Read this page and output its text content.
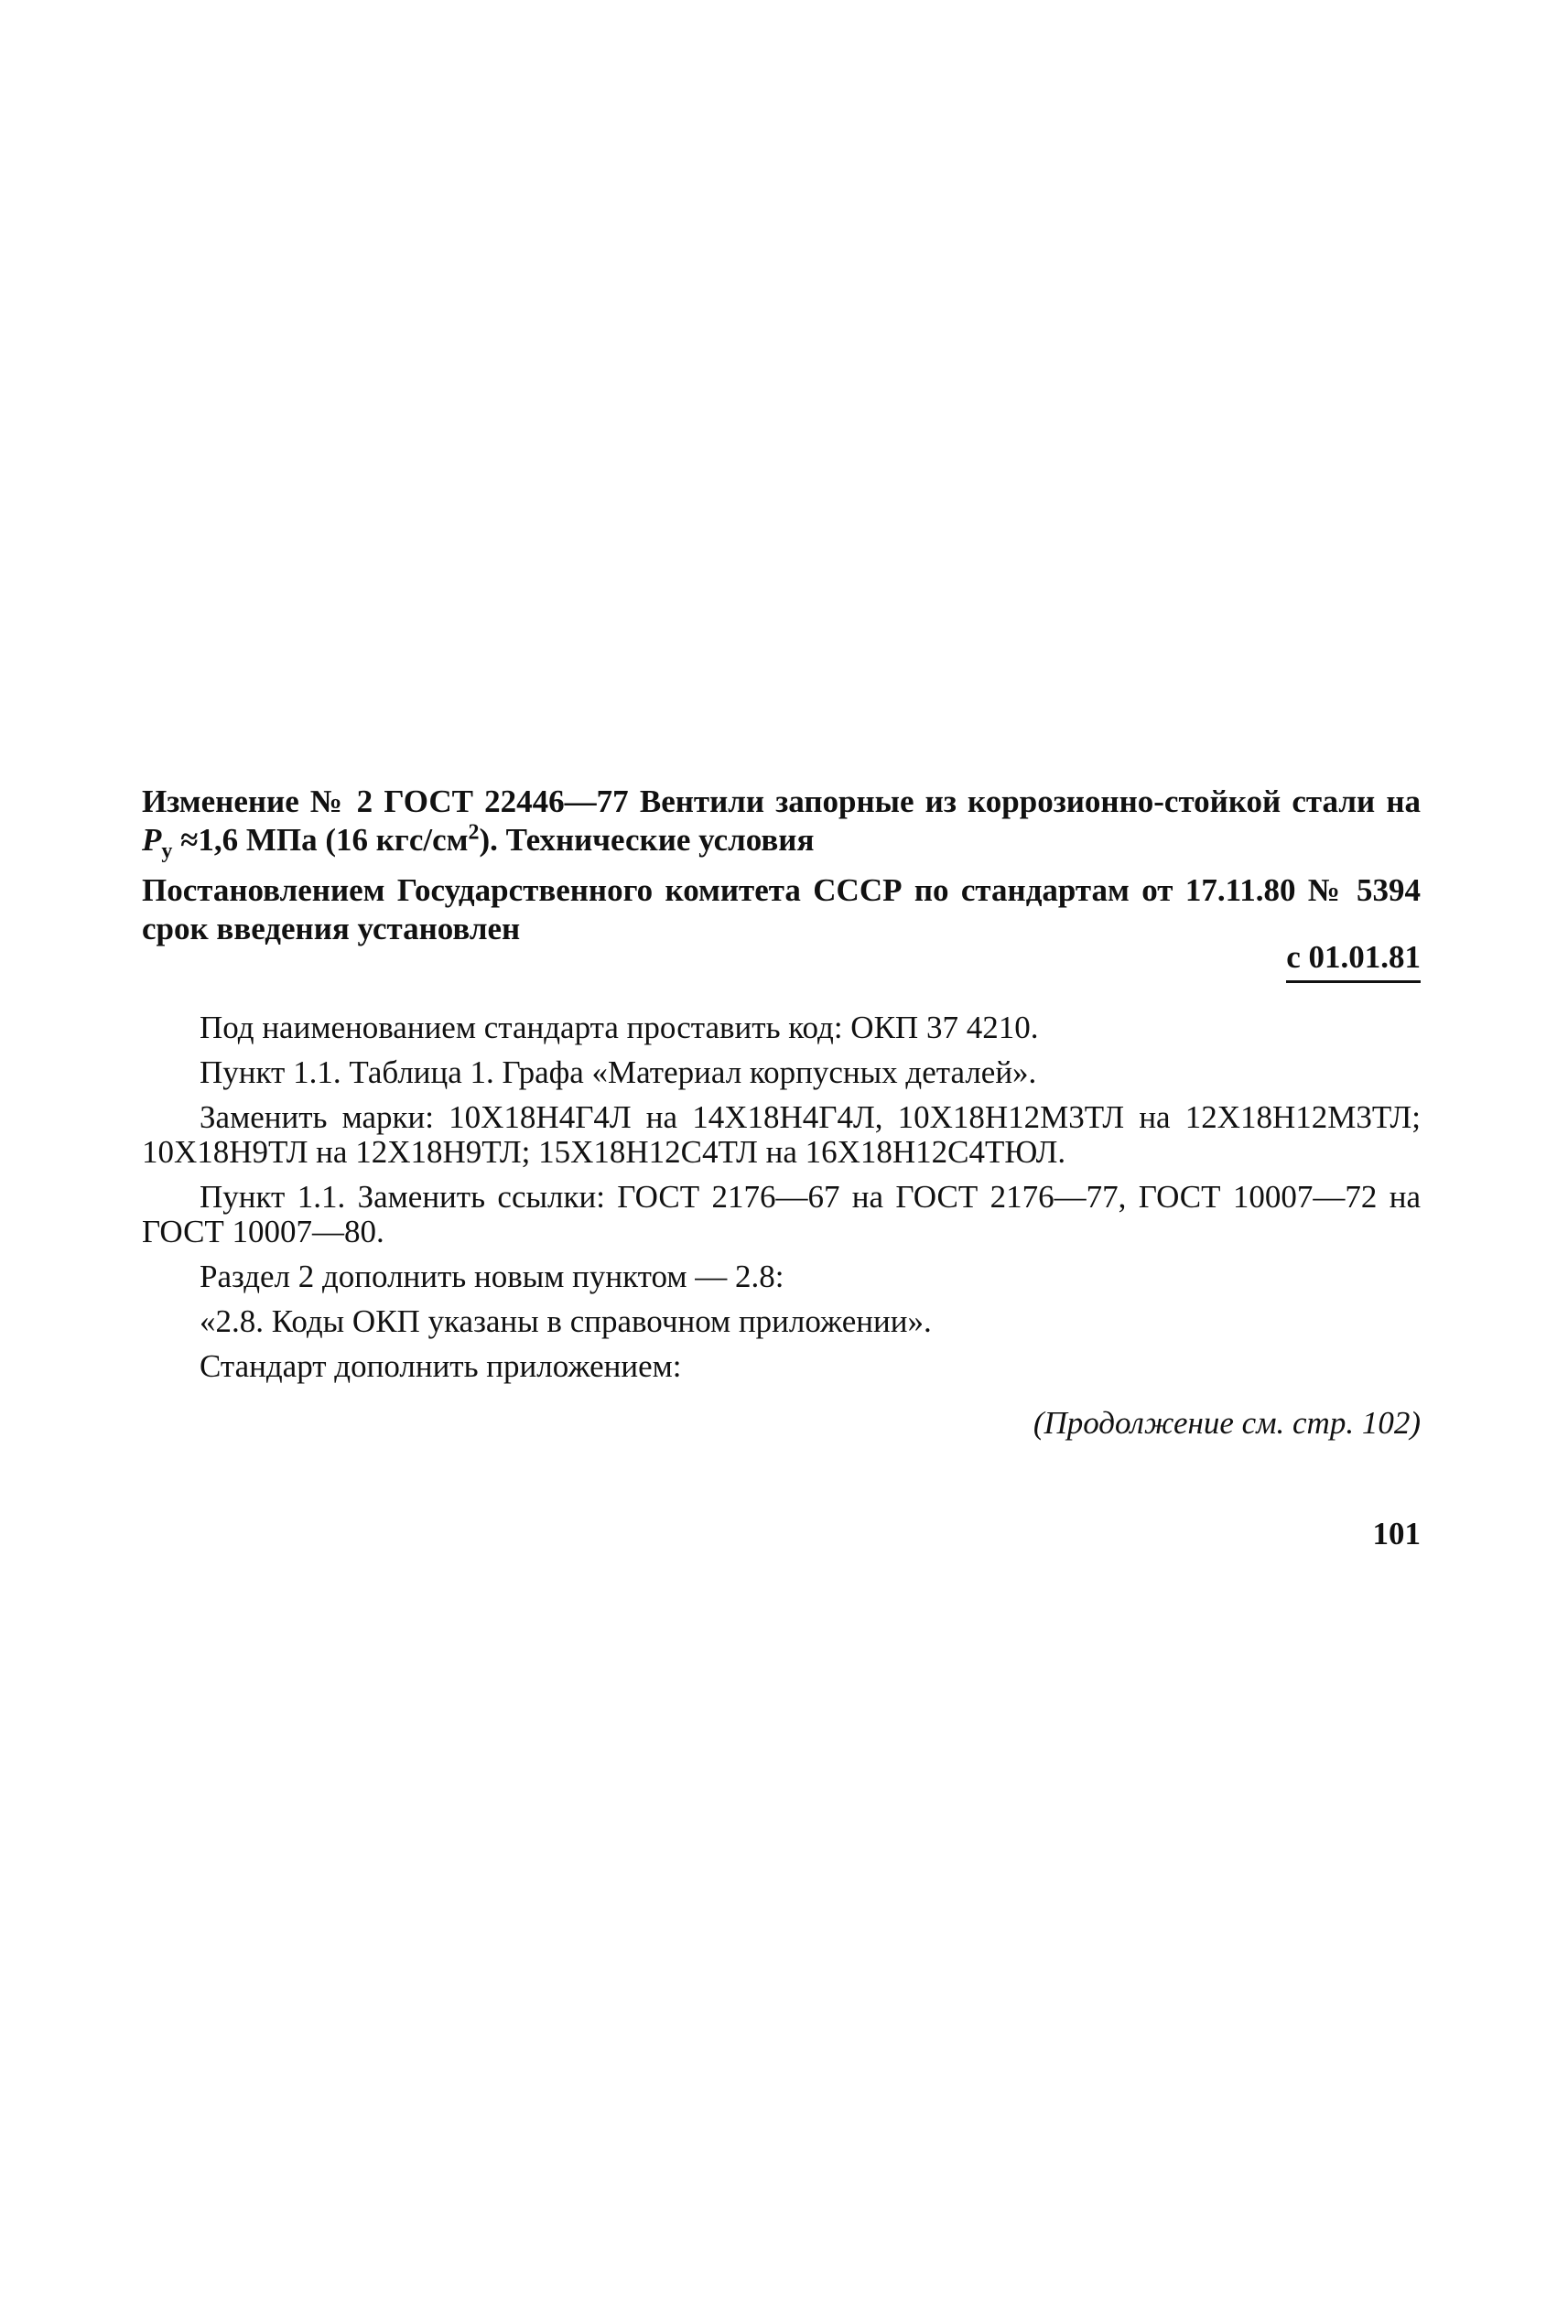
Изменение № 2 ГОСТ 22446—77 Вентили запорные из коррозионно-стойкой стали на $P_у \approx 1,6$ МПа (16 кгс/$см^2$). Технические условия
Постановлением Государственного комитета СССР по стандартам от 17.11.80 № 5394 срок введения установлен
с 01.01.81

Под наименованием стандарта проставить код: ОКП 37 4210.

Пункт 1.1. Таблица 1. Графа «Материал корпусных деталей».

Заменить марки: 10Х18Н4Г4Л на 14Х18Н4Г4Л, 10Х18Н12М3ТЛ на 12Х18Н12М3ТЛ; 10Х18Н9ТЛ на 12Х18Н9ТЛ; 15Х18Н12С4ТЛ на 16Х18Н12С4ТЮЛ.

Пункт 1.1. Заменить ссылки: ГОСТ 2176—67 на ГОСТ 2176—77, ГОСТ 10007—72 на ГОСТ 10007—80.

Раздел 2 дополнить новым пунктом — 2.8:

«2.8. Коды ОКП указаны в справочном приложении».

Стандарт дополнить приложением:

(Продолжение см. стр. 102)
101
